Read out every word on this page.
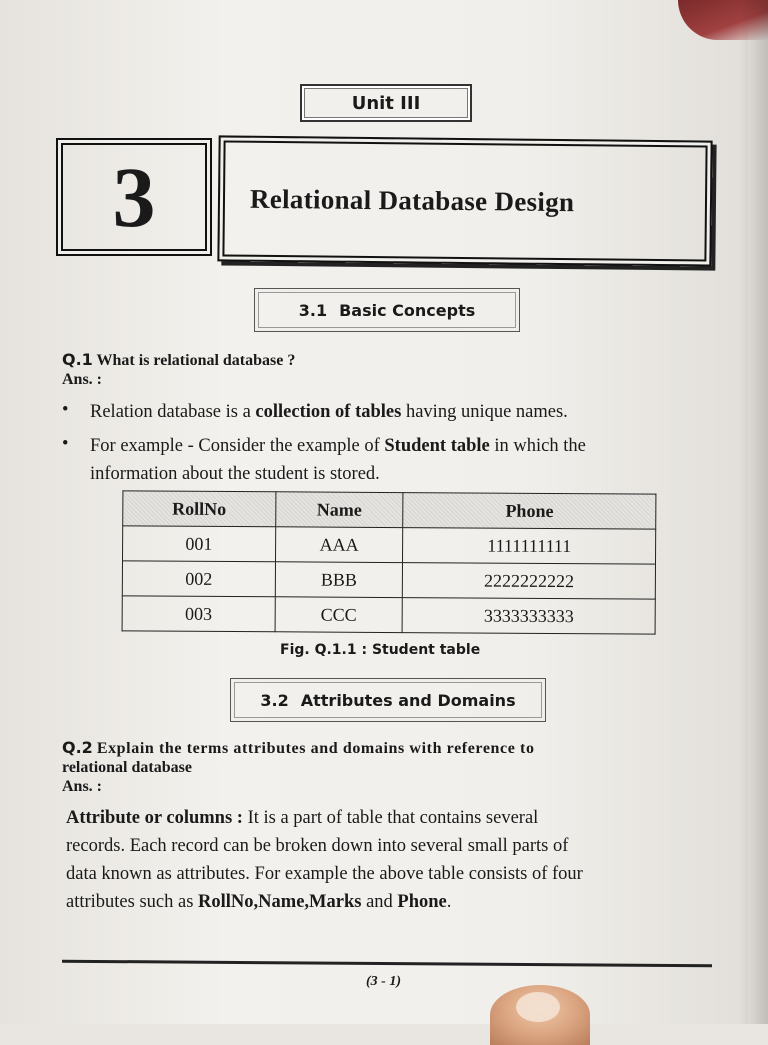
Unit III
3	Relational Database Design
3.1 Basic Concepts
Q.1 What is relational database ?
Ans. :
• Relation database is a collection of tables having unique names.
• For example - Consider the example of Student table in which the
information about the student is stored.
RollNo	Name	Phone
001	AAA	1111111111
002	BBB	2222222222
003	CCC	3333333333
Fig. Q.1.1 : Student table
3.2 Attributes and Domains
Q.2 Explain the terms attributes and domains with reference to
relational database
Ans. :
Attribute or columns : It is a part of table that contains several
records. Each record can be broken down into several small parts of
data known as attributes. For example the above table consists of four
attributes such as RollNo,Name,Marks and Phone.
(3 - 1)
